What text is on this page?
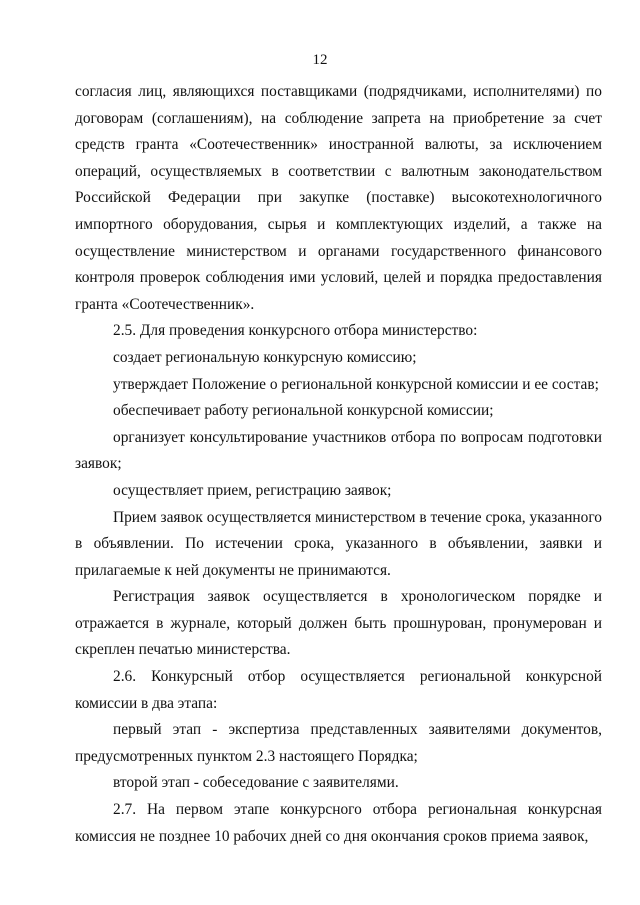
12

согласия лиц, являющихся поставщиками (подрядчиками, исполнителями) по договорам (соглашениям), на соблюдение запрета на приобретение за счет средств гранта «Соотечественник» иностранной валюты, за исключением операций, осуществляемых в соответствии с валютным законодательством Российской Федерации при закупке (поставке) высокотехнологичного импортного оборудования, сырья и комплектующих изделий, а также на осуществление министерством и органами государственного финансового контроля проверок соблюдения ими условий, целей и порядка предоставления гранта «Соотечественник».

2.5. Для проведения конкурсного отбора министерство:

создает региональную конкурсную комиссию;

утверждает Положение о региональной конкурсной комиссии и ее состав;

обеспечивает работу региональной конкурсной комиссии;

организует консультирование участников отбора по вопросам подготовки заявок;

осуществляет прием, регистрацию заявок;

Прием заявок осуществляется министерством в течение срока, указанного в объявлении. По истечении срока, указанного в объявлении, заявки и прилагаемые к ней документы не принимаются.

Регистрация заявок осуществляется в хронологическом порядке и отражается в журнале, который должен быть прошнурован, пронумерован и скреплен печатью министерства.

2.6. Конкурсный отбор осуществляется региональной конкурсной комиссии в два этапа:

первый этап - экспертиза представленных заявителями документов, предусмотренных пунктом 2.3 настоящего Порядка;

второй этап - собеседование с заявителями.

2.7. На первом этапе конкурсного отбора региональная конкурсная комиссия не позднее 10 рабочих дней со дня окончания сроков приема заявок,
